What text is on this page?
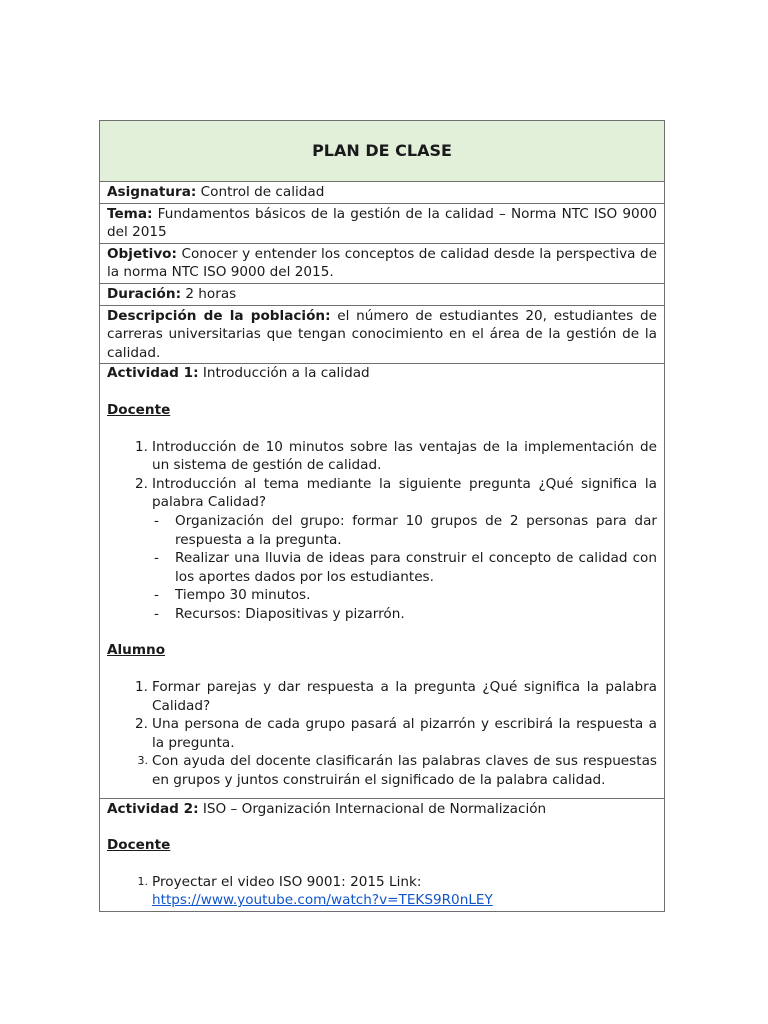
PLAN DE CLASE
Asignatura: Control de calidad
Tema: Fundamentos básicos de la gestión de la calidad – Norma NTC ISO 9000 del 2015
Objetivo: Conocer y entender los conceptos de calidad desde la perspectiva de la norma NTC ISO 9000 del 2015.
Duración: 2 horas
Descripción de la población: el número de estudiantes 20, estudiantes de carreras universitarias que tengan conocimiento en el área de la gestión de la calidad.
Actividad 1: Introducción a la calidad
Docente
1. Introducción de 10 minutos sobre las ventajas de la implementación de un sistema de gestión de calidad.
2. Introducción al tema mediante la siguiente pregunta ¿Qué significa la palabra Calidad?
- Organización del grupo: formar 10 grupos de 2 personas para dar respuesta a la pregunta.
- Realizar una lluvia de ideas para construir el concepto de calidad con los aportes dados por los estudiantes.
- Tiempo 30 minutos.
- Recursos: Diapositivas y pizarrón.
Alumno
1. Formar parejas y dar respuesta a la pregunta ¿Qué significa la palabra Calidad?
2. Una persona de cada grupo pasará al pizarrón y escribirá la respuesta a la pregunta.
3. Con ayuda del docente clasificarán las palabras claves de sus respuestas en grupos y juntos construirán el significado de la palabra calidad.
Actividad 2: ISO – Organización Internacional de Normalización
Docente
1. Proyectar el video ISO 9001: 2015 Link:
https://www.youtube.com/watch?v=TEKS9R0nLEY
